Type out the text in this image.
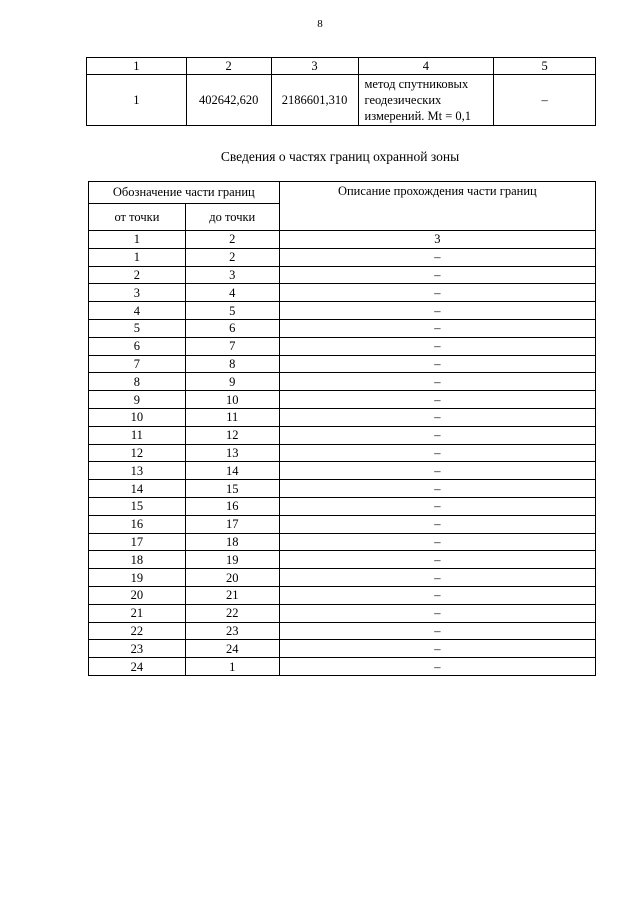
8
1	2	3	4	5
1	402642,620	2186601,310	метод спутниковых
геодезических
измерений. Mt = 0,1	–
Сведения о частях границ охранной зоны
Обозначение части границ		Описание прохождения части границ
от точки	до точки	
1	2	3
1	2	–
2	3	–
3	4	–
4	5	–
5	6	–
6	7	–
7	8	–
8	9	–
9	10	–
10	11	–
11	12	–
12	13	–
13	14	–
14	15	–
15	16	–
16	17	–
17	18	–
18	19	–
19	20	–
20	21	–
21	22	–
22	23	–
23	24	–
24	1	–
